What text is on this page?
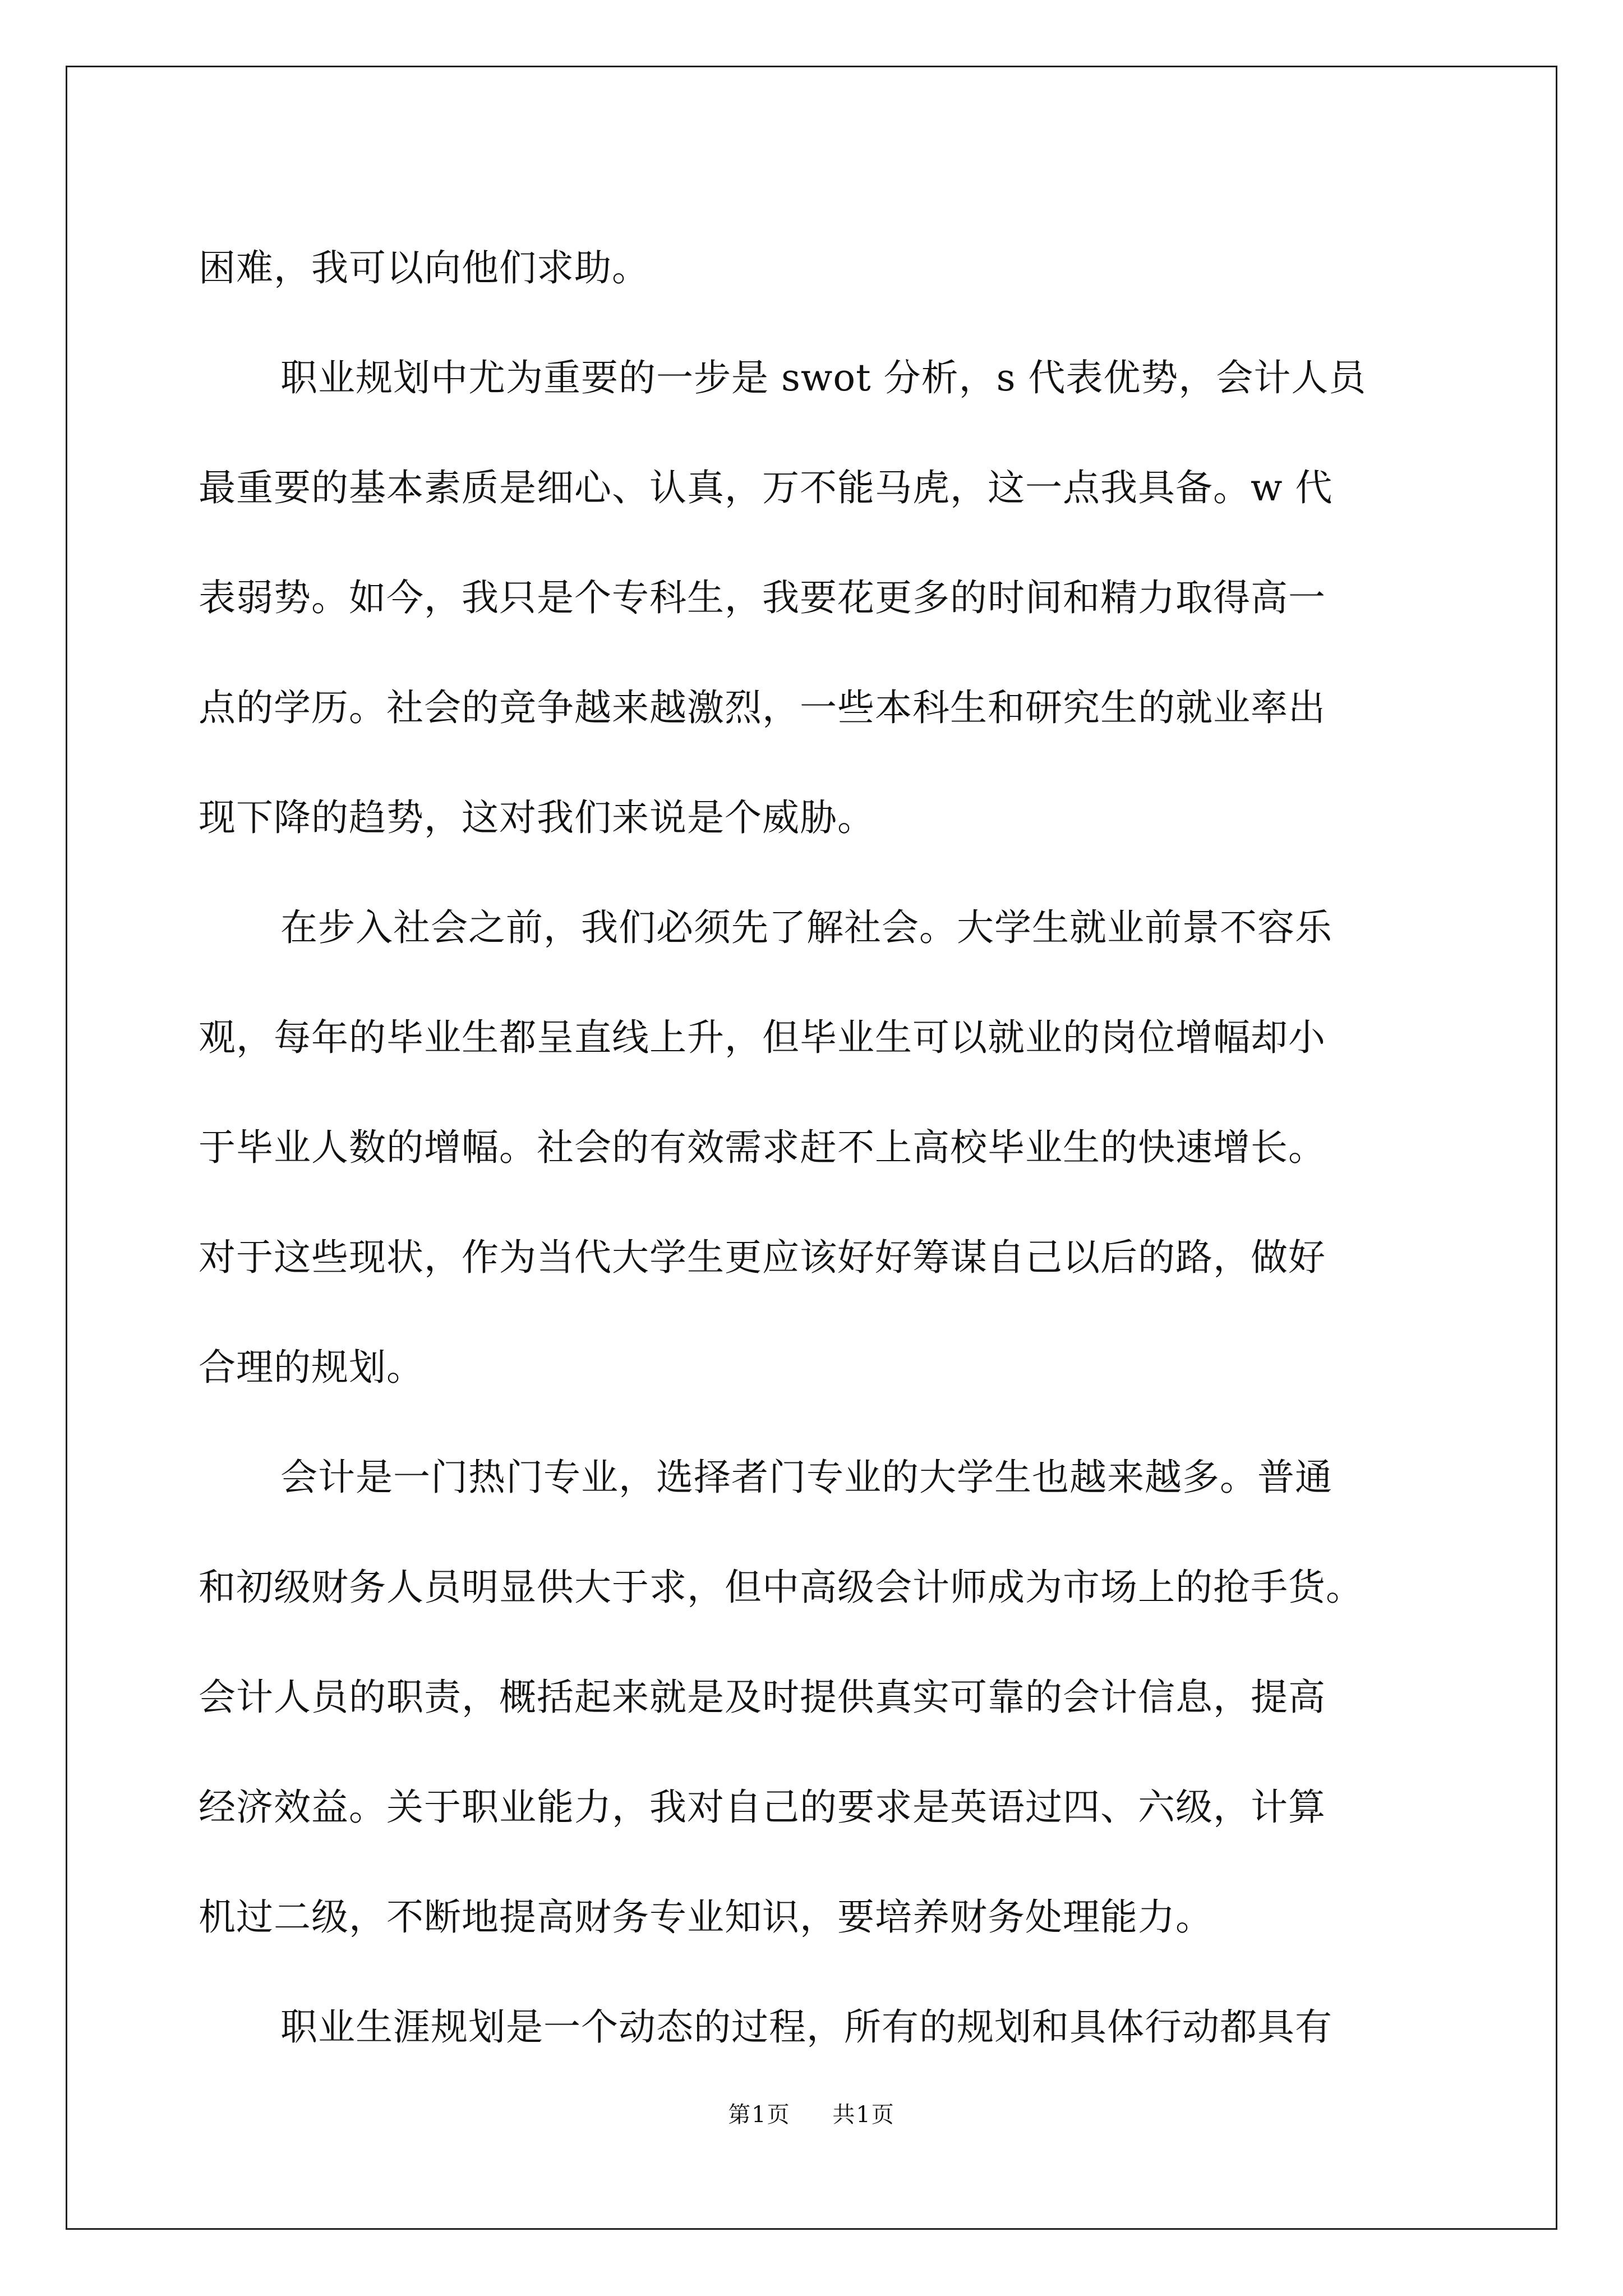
困难，我可以向他们求助。

职业规划中尤为重要的一步是 swot 分析，s 代表优势，会计人员

最重要的基本素质是细心、认真，万不能马虎，这一点我具备。w 代

表弱势。如今，我只是个专科生，我要花更多的时间和精力取得高一

点的学历。社会的竞争越来越激烈，一些本科生和研究生的就业率出

现下降的趋势，这对我们来说是个威胁。

在步入社会之前，我们必须先了解社会。大学生就业前景不容乐

观，每年的毕业生都呈直线上升，但毕业生可以就业的岗位增幅却小

于毕业人数的增幅。社会的有效需求赶不上高校毕业生的快速增长。

对于这些现状，作为当代大学生更应该好好筹谋自己以后的路，做好

合理的规划。

会计是一门热门专业，选择者门专业的大学生也越来越多。普通

和初级财务人员明显供大于求，但中高级会计师成为市场上的抢手货。

会计人员的职责，概括起来就是及时提供真实可靠的会计信息，提高

经济效益。关于职业能力，我对自己的要求是英语过四、六级，计算

机过二级，不断地提高财务专业知识，要培养财务处理能力。

职业生涯规划是一个动态的过程，所有的规划和具体行动都具有

第1页 共1页
